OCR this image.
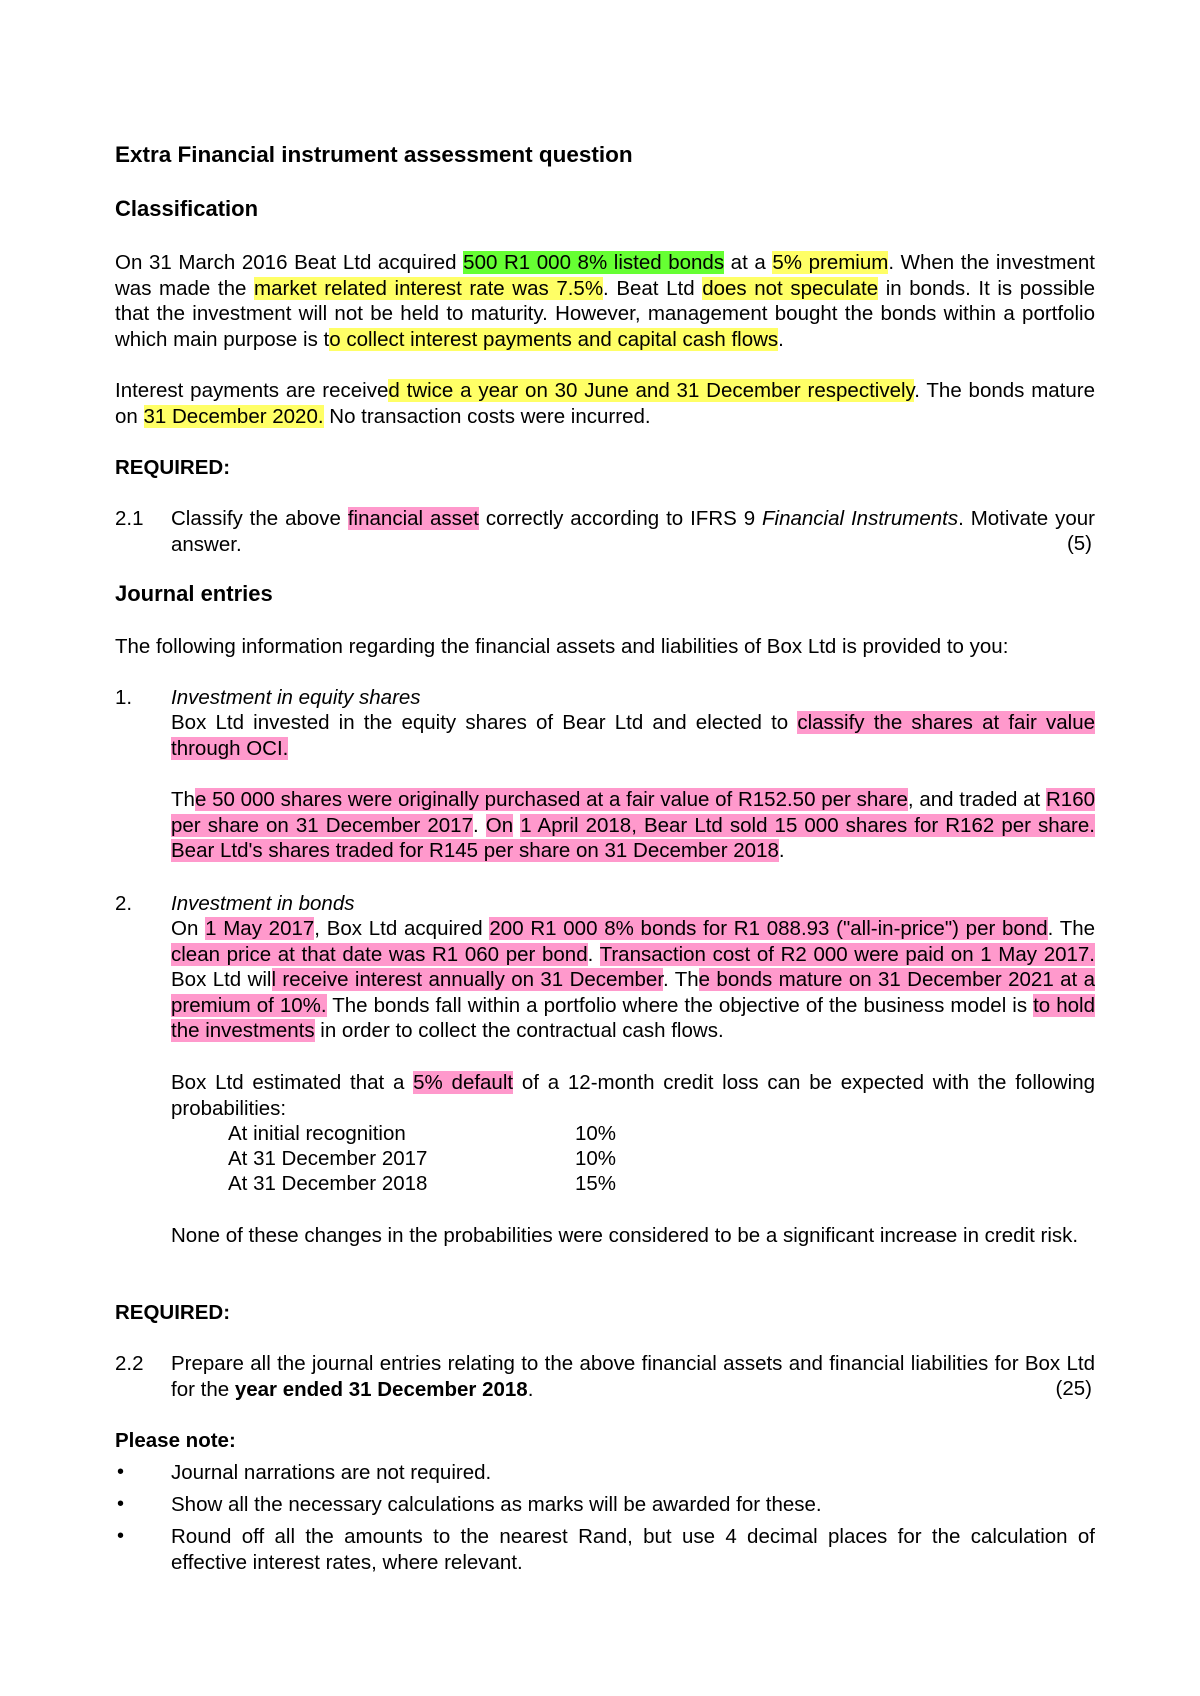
Extra Financial instrument assessment question
Classification
On 31 March 2016 Beat Ltd acquired 500 R1 000 8% listed bonds at a 5% premium. When the investment was made the market related interest rate was 7.5%. Beat Ltd does not speculate in bonds. It is possible that the investment will not be held to maturity. However, management bought the bonds within a portfolio which main purpose is to collect interest payments and capital cash flows.
Interest payments are received twice a year on 30 June and 31 December respectively. The bonds mature on 31 December 2020. No transaction costs were incurred.
REQUIRED:
2.1 Classify the above financial asset correctly according to IFRS 9 Financial Instruments. Motivate your answer.	(5)
Journal entries
The following information regarding the financial assets and liabilities of Box Ltd is provided to you:
1. Investment in equity shares
Box Ltd invested in the equity shares of Bear Ltd and elected to classify the shares at fair value through OCI.
The 50 000 shares were originally purchased at a fair value of R152.50 per share, and traded at R160 per share on 31 December 2017. On 1 April 2018, Bear Ltd sold 15 000 shares for R162 per share. Bear Ltd's shares traded for R145 per share on 31 December 2018.
2. Investment in bonds
On 1 May 2017, Box Ltd acquired 200 R1 000 8% bonds for R1 088.93 ("all-in-price") per bond. The clean price at that date was R1 060 per bond. Transaction cost of R2 000 were paid on 1 May 2017. Box Ltd will receive interest annually on 31 December. The bonds mature on 31 December 2021 at a premium of 10%. The bonds fall within a portfolio where the objective of the business model is to hold the investments in order to collect the contractual cash flows.
Box Ltd estimated that a 5% default of a 12-month credit loss can be expected with the following probabilities:
At initial recognition	10%
At 31 December 2017	10%
At 31 December 2018	15%
None of these changes in the probabilities were considered to be a significant increase in credit risk.
REQUIRED:
2.2 Prepare all the journal entries relating to the above financial assets and financial liabilities for Box Ltd for the year ended 31 December 2018.	(25)
Please note:
• Journal narrations are not required.
• Show all the necessary calculations as marks will be awarded for these.
• Round off all the amounts to the nearest Rand, but use 4 decimal places for the calculation of effective interest rates, where relevant.
